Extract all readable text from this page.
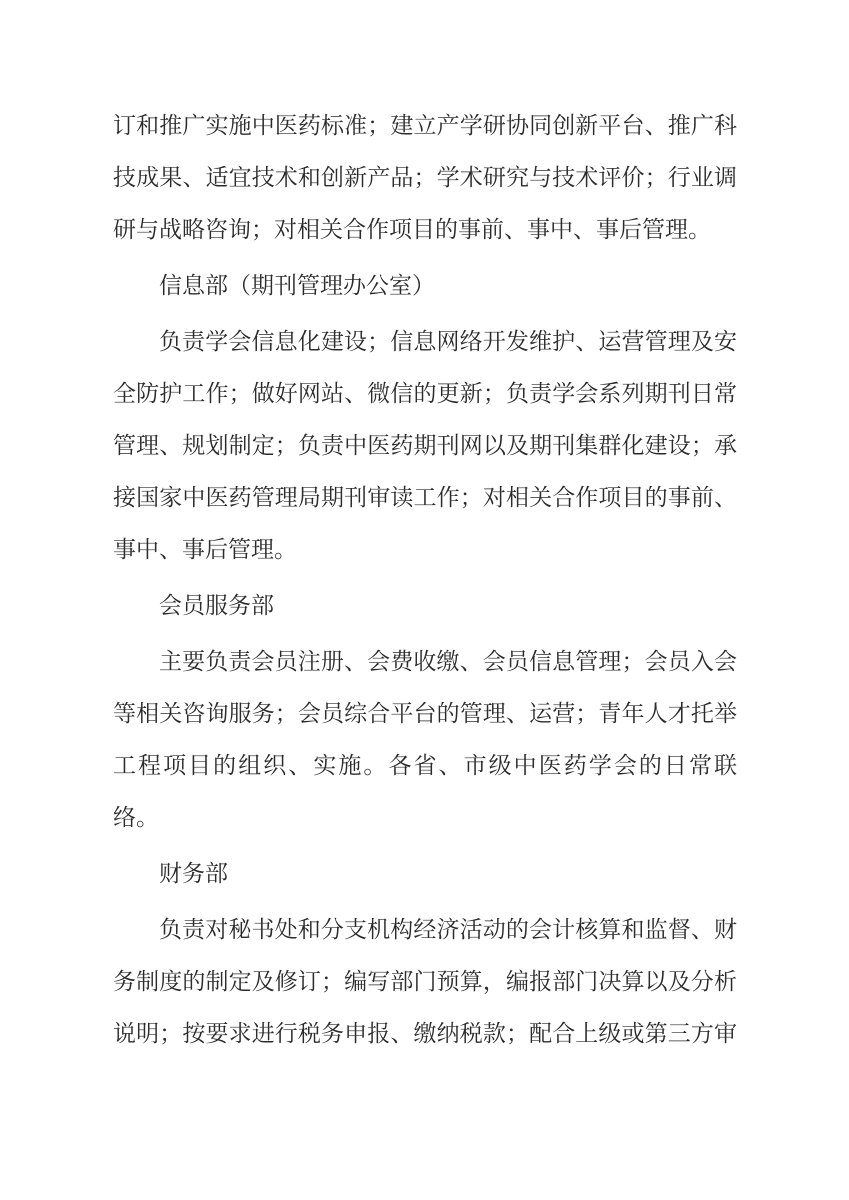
订和推广实施中医药标准；建立产学研协同创新平台、推广科
技成果、适宜技术和创新产品；学术研究与技术评价；行业调
研与战略咨询；对相关合作项目的事前、事中、事后管理。
信息部（期刊管理办公室）
负责学会信息化建设；信息网络开发维护、运营管理及安
全防护工作；做好网站、微信的更新；负责学会系列期刊日常
管理、规划制定；负责中医药期刊网以及期刊集群化建设；承
接国家中医药管理局期刊审读工作；对相关合作项目的事前、
事中、事后管理。
会员服务部
主要负责会员注册、会费收缴、会员信息管理；会员入会
等相关咨询服务；会员综合平台的管理、运营；青年人才托举
工程项目的组织、实施。各省、市级中医药学会的日常联
络。
财务部
负责对秘书处和分支机构经济活动的会计核算和监督、财
务制度的制定及修订；编写部门预算，编报部门决算以及分析
说明；按要求进行税务申报、缴纳税款；配合上级或第三方审
